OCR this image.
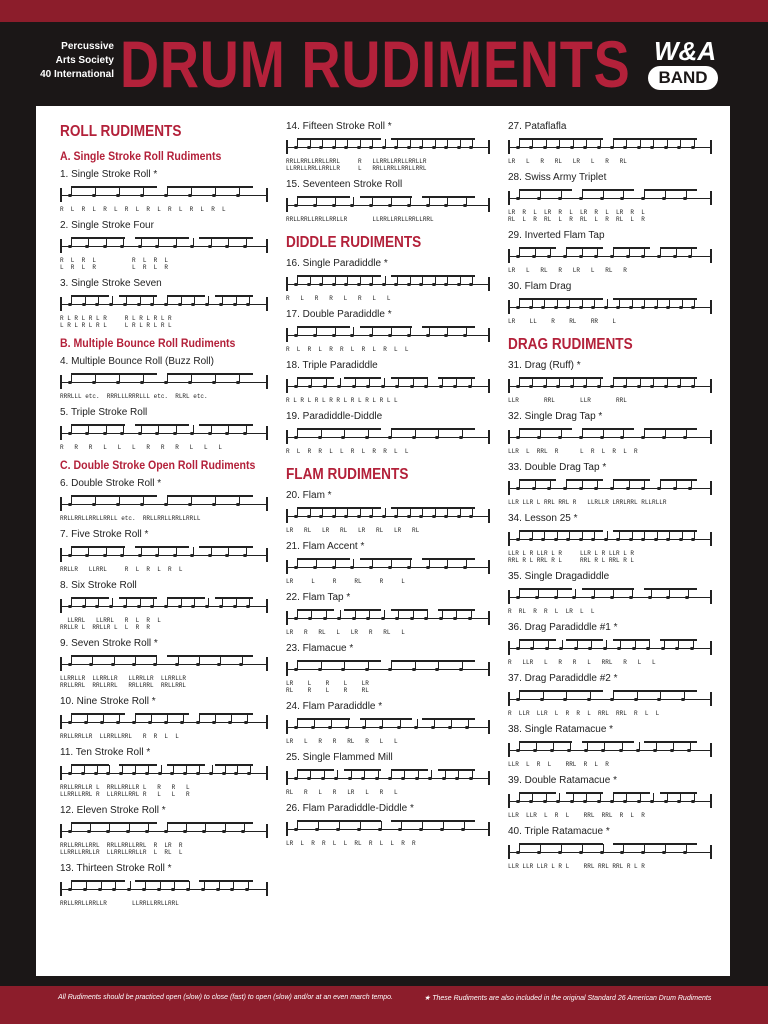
Percussive
Arts Society
40 International DRUM RUDIMENTS W&A
BAND
ROLL RUDIMENTS
A. Single Stroke Roll Rudiments
1. Single Stroke Roll *
R  L  R  L  R  L  R  L  R  L  R  L  R  L  R  L
2. Single Stroke Four
R  L  R  L          R  L  R  L
L  R  L  R          L  R  L  R
3. Single Stroke Seven
R L R L R L R     R L R L R L R
L R L R L R L     L R L R L R L
B. Multiple Bounce Roll Rudiments
4. Multiple Bounce Roll (Buzz Roll)
RRRLLL etc.  RRRLLLRRRLLL etc.  RLRL etc.
5. Triple Stroke Roll
R   R   R   L   L   L   R   R   R   L   L   L
C. Double Stroke Open Roll Rudiments
6. Double Stroke Roll *
RRLLRRLLRRLLRRLL etc.  RRLLRRLLRRLLRRLL
7. Five Stroke Roll *
RRLLR   LLRRL     R  L  R  L  R  L
8. Six Stroke Roll
LLRRL   LLRRL   R  L  R  L
RRLLR L  RRLLR L  L  R  R
9. Seven Stroke Roll *
LLRRLLR  LLRRLLR   LLRRLLR  LLRRLLR
RRLLRRL  RRLLRRL   RRLLRRL  RRLLRRL
10. Nine Stroke Roll *
RRLLRRLLR  LLRRLLRRL   R  R  L  L
11. Ten Stroke Roll *
RRLLRRLLR L  RRLLRRLLR L   R   R   L
LLRRLLRRL R  LLRRLLRRL R   L   L   R
12. Eleven Stroke Roll *
RRLLRRLLRRL  RRLLRRLLRRL  R  LR  R
LLRRLLRRLLR  LLRRLLRRLLR  L  RL  L
13. Thirteen Stroke Roll *
RRLLRRLLRRLLR       LLRRLLRRLLRRL
14. Fifteen Stroke Roll *
RRLLRRLLRRLLRRL     R   LLRRLLRRLLRRLLR
LLRRLLRRLLRRLLR     L   RRLLRRLLRRLLRRL
15. Seventeen Stroke Roll
RRLLRRLLRRLLRRLLR       LLRRLLRRLLRRLLRRL
DIDDLE RUDIMENTS
16. Single Paradiddle *
R   L   R   R   L   R   L   L
17. Double Paradiddle *
R  L  R  L  R  R  L  R  L  R  L  L
18. Triple Paradiddle
R L R L R L R R L R L R L R L L
19. Paradiddle-Diddle
R  L  R  R  L  L  R  L  R  R  L  L
FLAM RUDIMENTS
20. Flam *
LR   RL   LR   RL   LR   RL   LR   RL
21. Flam Accent *
LR     L     R     RL     R     L
22. Flam Tap *
LR   R   RL   L   LR   R   RL   L
23. Flamacue *
LR    L    R    L    LR
RL    R    L    R    RL
24. Flam Paradiddle *
LR   L   R   R   RL   R   L   L
25. Single Flammed Mill
RL   R   L   R   LR   L   R   L
26. Flam Paradiddle-Diddle *
LR  L  R  R  L  L  RL  R  L  L  R  R
27. Pataflafla
LR   L   R   RL   LR   L   R   RL
28. Swiss Army Triplet
LR  R  L  LR  R  L  LR  R  L  LR  R  L
RL  L  R  RL  L  R  RL  L  R  RL  L  R
29. Inverted Flam Tap
LR   L   RL   R   LR   L   RL   R
30. Flam Drag
LR    LL    R    RL    RR    L
DRAG RUDIMENTS
31. Drag (Ruff) *
LLR       RRL       LLR       RRL
32. Single Drag Tap *
LLR  L  RRL  R      L  R  L  R  L  R
33. Double Drag Tap *
LLR LLR L RRL RRL R   LLRLLR LRRLRRL RLLRLLR
34. Lesson 25 *
LLR L R LLR L R     LLR L R LLR L R
RRL R L RRL R L     RRL R L RRL R L
35. Single Dragadiddle
R  RL  R  R  L  LR  L  L
36. Drag Paradiddle #1 *
R   LLR   L   R   R   L   RRL   R   L   L
37. Drag Paradiddle #2 *
R  LLR  LLR  L  R  R  L  RRL  RRL  R  L  L
38. Single Ratamacue *
LLR  L  R  L    RRL  R  L  R
39. Double Ratamacue *
LLR  LLR  L  R  L    RRL  RRL  R  L  R
40. Triple Ratamacue *
LLR LLR LLR L R L    RRL RRL RRL R L R
All Rudiments should be practiced open (slow) to close (fast) to open (slow) and/or at an even march tempo.	★ These Rudiments are also included in the original Standard 26 American Drum Rudiments
